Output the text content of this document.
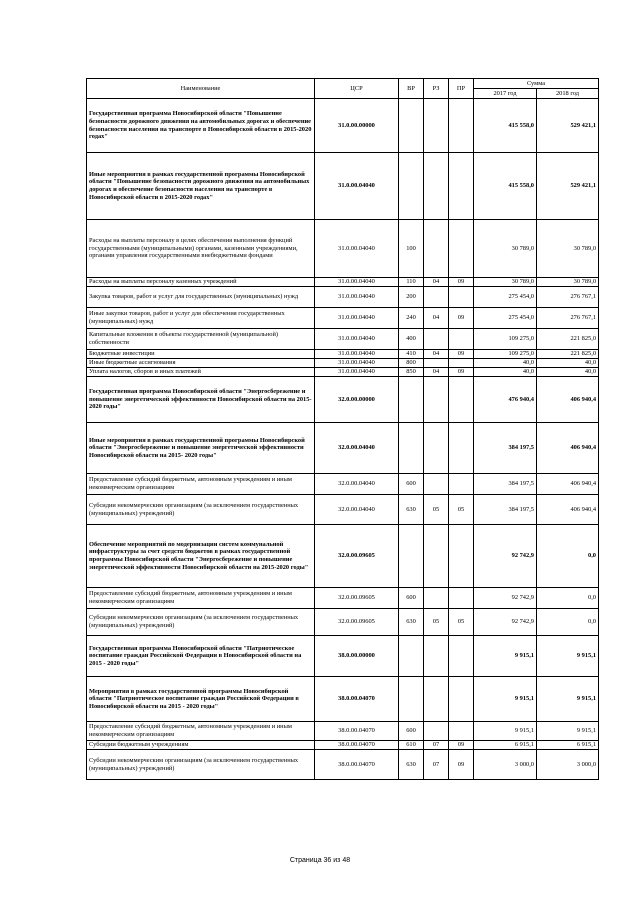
Наименование	ЦСР	ВР	РЗ	ПР	Сумма	
					2017 год	2018 год
Государственная программа Новосибирской области "Повышение безопасности дорожного движения на автомобильных дорогах и обеспечение безопасности населения на транспорте в Новосибирской области в 2015-2020 годах"	31.0.00.00000				415 558,0	529 421,1
Иные мероприятия в рамках государственной программы Новосибирской области "Повышение безопасности дорожного движения на автомобильных дорогах и обеспечение безопасности населения на транспорте в Новосибирской области в 2015-2020 годах"	31.0.00.04040				415 558,0	529 421,1
Расходы на выплаты персоналу в целях обеспечения выполнения функций государственными (муниципальными) органами, казенными учреждениями, органами управления государственными внебюджетными фондами	31.0.00.04040	100			30 789,0	30 789,0
Расходы на выплаты персоналу казенных учреждений	31.0.00.04040	110	04	09	30 789,0	30 789,0
Закупка товаров, работ и услуг для государственных (муниципальных) нужд	31.0.00.04040	200			275 454,0	276 767,1
Иные закупки товаров, работ и услуг для обеспечения государственных (муниципальных) нужд	31.0.00.04040	240	04	09	275 454,0	276 767,1
Капитальные вложения в объекты государственной (муниципальной) собственности	31.0.00.04040	400			109 275,0	221 825,0
Бюджетные инвестиции	31.0.00.04040	410	04	09	109 275,0	221 825,0
Иные бюджетные ассигнования	31.0.00.04040	800			40,0	40,0
Уплата налогов, сборов и иных платежей	31.0.00.04040	850	04	09	40,0	40,0
Государственная программа Новосибирской области "Энергосбережение и повышение энергетической эффективности Новосибирской области на 2015- 2020 годы"	32.0.00.00000				476 940,4	406 940,4
Иные мероприятия в рамках государственной программы Новосибирской области "Энергосбережение и повышение энергетической эффективности Новосибирской области на 2015- 2020 годы"	32.0.00.04040				384 197,5	406 940,4
Предоставление субсидий бюджетным, автономным учреждениям и иным некоммерческим организациям	32.0.00.04040	600			384 197,5	406 940,4
Субсидии некоммерческим организациям (за исключением государственных (муниципальных) учреждений)	32.0.00.04040	630	05	05	384 197,5	406 940,4
Обеспечение мероприятий по модернизации систем коммунальной инфраструктуры за счет средств бюджетов в рамках государственной программы Новосибирской области "Энергосбережение и повышение энергетической эффективности Новосибирской области на 2015-2020 годы"	32.0.00.09605				92 742,9	0,0
Предоставление субсидий бюджетным, автономным учреждениям и иным некоммерческим организациям	32.0.00.09605	600			92 742,9	0,0
Субсидии некоммерческим организациям (за исключением государственных (муниципальных) учреждений)	32.0.00.09605	630	05	05	92 742,9	0,0
Государственная программа Новосибирской области "Патриотическое воспитание граждан Российской Федерации в Новосибирской области на 2015 - 2020 годы"	38.0.00.00000				9 915,1	9 915,1
Мероприятия в рамках государственной программы Новосибирской области "Патриотическое воспитание граждан Российской Федерации в Новосибирской области на 2015 - 2020 годы"	38.0.00.04070				9 915,1	9 915,1
Предоставление субсидий бюджетным, автономным учреждениям и иным некоммерческим организациям	38.0.00.04070	600			9 915,1	9 915,1
Субсидии бюджетным учреждениям	38.0.00.04070	610	07	09	6 915,1	6 915,1
Субсидии некоммерческим организациям (за исключением государственных (муниципальных) учреждений)	38.0.00.04070	630	07	09	3 000,0	3 000,0
Страница 36 из 48
